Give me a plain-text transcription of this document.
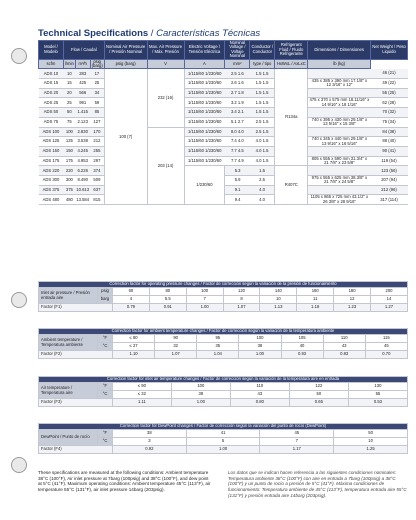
Technical Specifications / Características Técnicas
Model / Modelo	Flow / Caudal			Nominal Air Pressure / Presión Nominal	Max. Air Pressure / Máx. Presión	Electric Voltage / Tensión Eléctrica	Nominal Voltage / Voltaje Nominal	Conductor / Conductor	Refrigerant Fluid / Fluido Refrigerante	Dimensions / Dimensiones	Net Weight / Peso Liquido
scfm	l/min	m³/h	psig (barg)	psig (barg)	V	A	mm²	type / tipo	HxWxL / AxLxC	lb (kg)	
ADS 10	10	283	17	100 (7)	232 (16)	1/115/60 1/230/60	2.5 1.6	1.5 1.5	R134a		46 (21)
ADS 15	15	425	25			1/115/60 1/230/60	2.6 1.6	1.5 1.5		435 x 385 x 390 mm 17.1/8" x 12 3/16" x 12"	49 (22)
ADS 20	20	566	34			1/115/60 1/230/60	2.7 1.8	1.5 1.5			55 (25)
ADS 25	25	991	59			1/115/60 1/230/60	3.2 1.9	1.5 1.5		475 x 370 x 575 mm 18.11/16" x 14 9/16" x 18 1/16"	62 (28)
ADS 50	50	1.415	85			1/115/60 1/230/60	3.4 2.1	1.5 1.5			70 (32)
ADS 75	75	2.123	127			1/115/60 1/230/60	5.1 2.7	2.5 1.5		740 x 395 x 430 mm 29.1/8" x 13 5/16" x 15 3/8"	75 (34)
ADS 100	100	2.830	170		203 (14)	1/115/60 1/230/60	8.0 4.0	2.5 1.5			84 (38)
ADS 125	125	3.538	212			1/115/60 1/230/60	7.4 4.0	4.0 1.5		740 x 345 x 440 mm 29.1/8" x 13 9/16" x 16 5/16"	88 (40)
ADS 150	150	4.245	255			1/115/60 1/230/60	7.7 4.5	4.0 1.5			90 (41)
ADS 175	175	4.953	297			1/115/60 1/230/60	7.7 4.9	4.0 1.5		805 x 555 x 590 mm 31.3/4" x 21 7/8" x 23 5/8"	119 (54)
ADS 220	220	6.226	374			1/230/60	5.3	1.5	R407C		123 (56)
ADS 300	300	8.490	509				5.9	2.5		975 x 555 x 625 mm 38.3/8" x 21 7/8" x 24 5/8"	207 (94)
ADS 375	375	10.613	637				9.1	4.0			212 (96)
ADS 480	480	13.584	815				9.4	4.0		1105 x 865 x 725 mm 43.1/2" x 26 3/8" x 28 9/16"	317 (114)
Correction factor for operating pressure changes / Factor de corrección según la variación de la presión de funcionamiento									
Inlet air pressure / Presión entrada aire	psig	60	80	100	120	140	160	180	200
	barg	4	5.5	7	8	10	11	12	14
Factor (F1)		0.79	0.91	1.00	1.07	1.13	1.18	1.23	1.27
Correction factor for ambient temperature changes / Factor de corrección según la variación de la temperatura ambiente								
Ambient temperature / Temperatura ambiente	°F	≤ 80	90	95	100	105	110	115
	°C	≤ 27	32	35	38	40	43	45
Factor (F2)		1.10	1.07	1.04	1.00	0.93	0.83	0.70
Correction factor for inlet air temperature changes / Factor de corrección según la variación de la temperatura aire en entrada						
Air temperature / Temperatura aire	°F	≤ 90	100	110	122	130
	°C	≤ 32	38	43	50	55
Factor (F3)		1.11	1.00	0.80	0.65	0.53
Correction factor for DewPoint changes / Factor de corrección según la variación del punto de rocío (DewPoint)					
DewPoint / Punto de rocío	°F	38	41	45	50
	°C	3	5	7	10
Factor (F4)		0.92	1.00	1.17	1.25
These specifications are measured at the following conditions: Ambient temperature 38°C (100°F), Air inlet pressure at 7barg (100psig) and 38°C (100°F), and dew point at 5°C (41°F). Maximum operating conditions: Ambient temperature 45°C (113°F), air temperature 55°C (131°F), air inlet pressure 14barg (203psig).
Los datos que se indican hacen referencia a las siguientes condiciones nominales: Temperatura ambiente 38°C (100°F) con aire en entrada a 7barg (100psig) a 38°C (100°F) y un punto de rocío a presión de 5°C (41°F). Máxima condiciones de funcionamiento: Temperatura ambiente de 45°C (113°F), temperatura entrada aire 55°C (131°F) y presión entrada aire 14barg (203psig).
